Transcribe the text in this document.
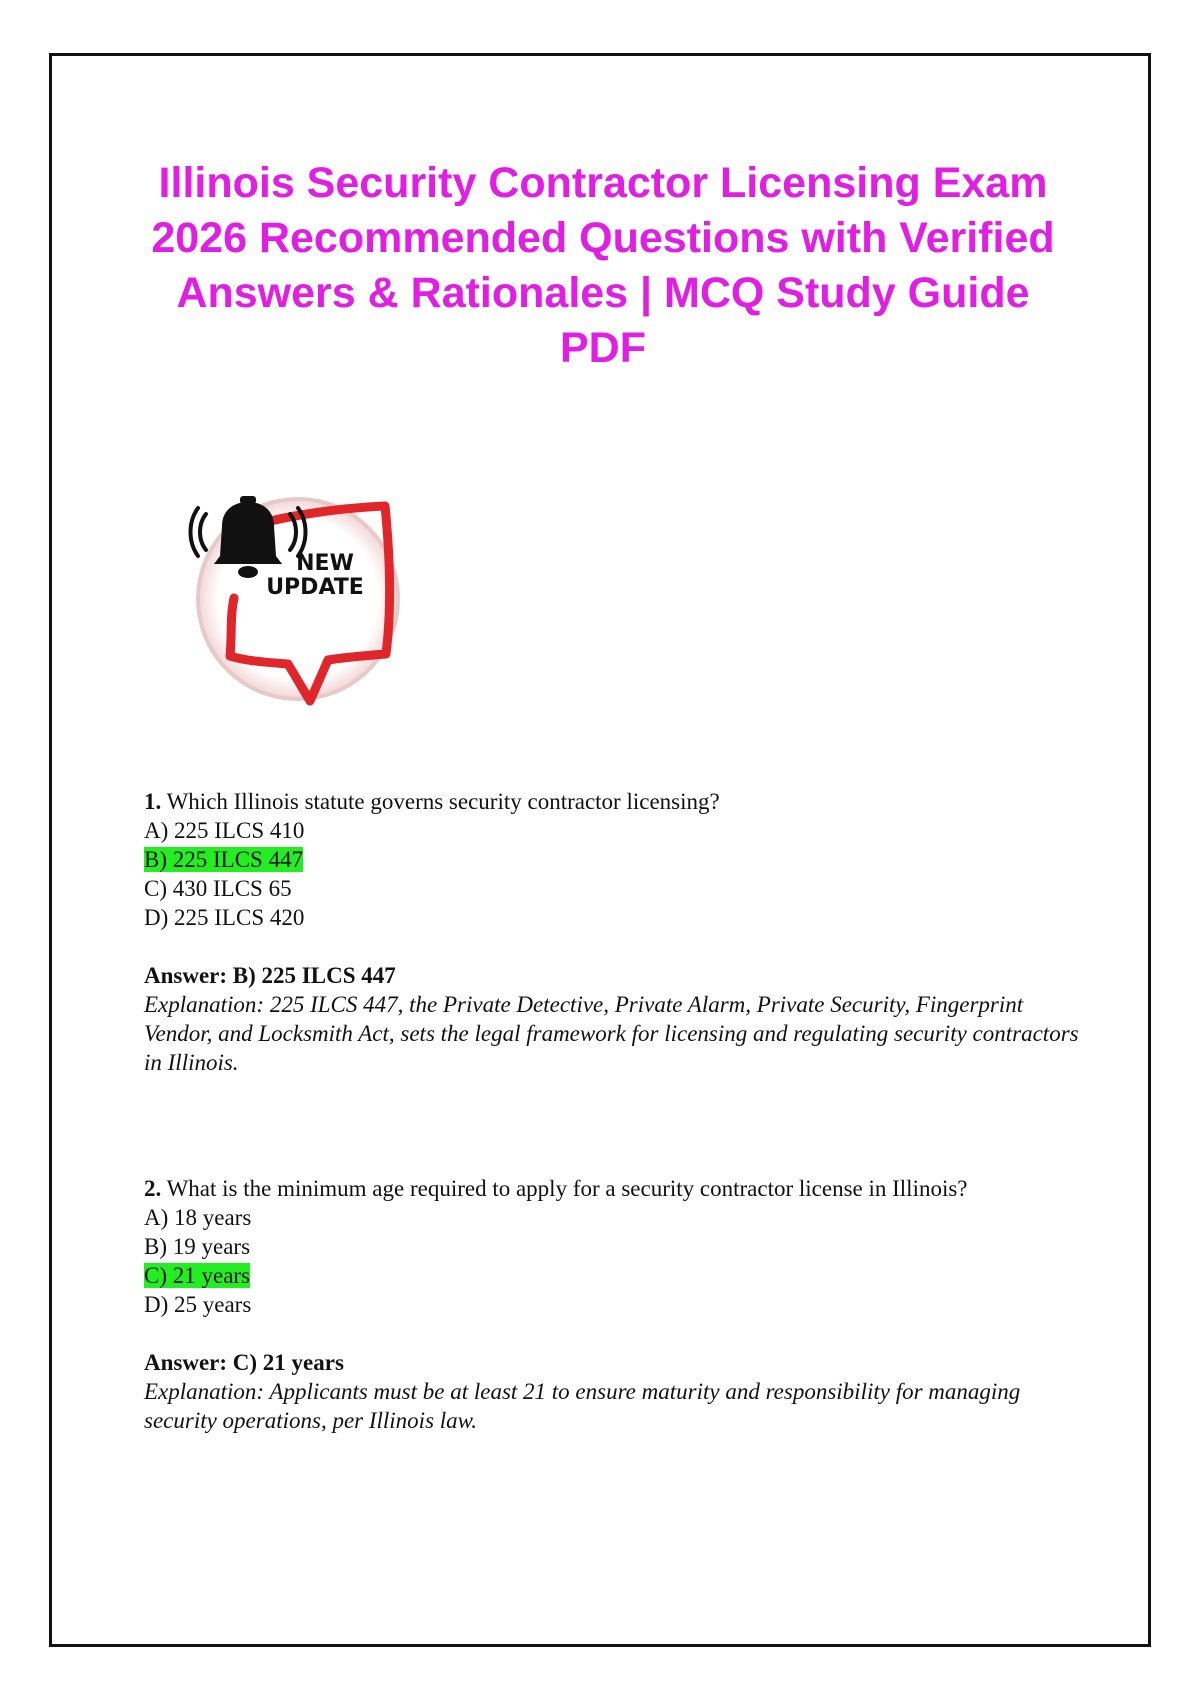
Illinois Security Contractor Licensing Exam 2026 Recommended Questions with Verified Answers & Rationales | MCQ Study Guide PDF
NEW
UPDATE

1. Which Illinois statute governs security contractor licensing?

A) 225 ILCS 410

B) 225 ILCS 447

C) 430 ILCS 65

D) 225 ILCS 420

Answer: B) 225 ILCS 447

Explanation: 225 ILCS 447, the Private Detective, Private Alarm, Private Security, Fingerprint Vendor, and Locksmith Act, sets the legal framework for licensing and regulating security contractors in Illinois.

2. What is the minimum age required to apply for a security contractor license in Illinois?

A) 18 years

B) 19 years

C) 21 years

D) 25 years

Answer: C) 21 years

Explanation: Applicants must be at least 21 to ensure maturity and responsibility for managing security operations, per Illinois law.
